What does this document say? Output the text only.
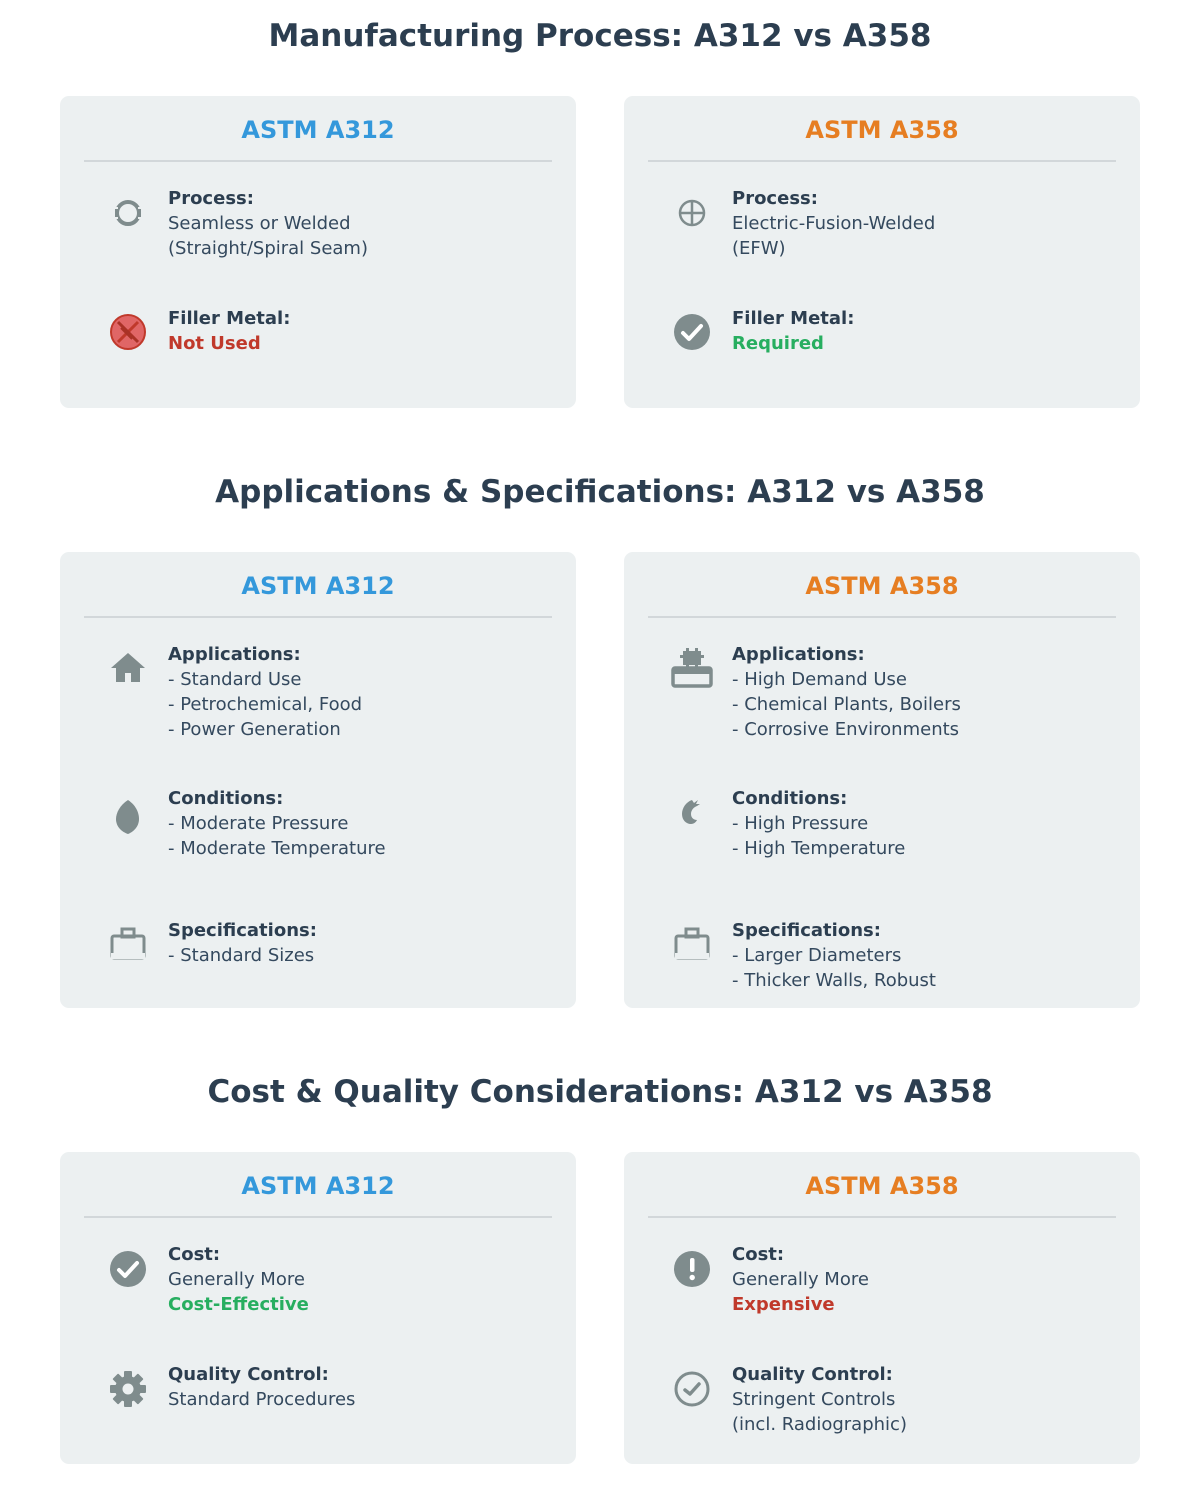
Manufacturing Process: A312 vs A358
ASTM A312
Process:
Seamless or Welded
(Straight/Spiral Seam)
Filler Metal:
Not Used
ASTM A358
Process:
Electric-Fusion-Welded
(EFW)
Filler Metal:
Required
Applications & Specifications: A312 vs A358
ASTM A312
Applications:
- Standard Use
- Petrochemical, Food
- Power Generation
Conditions:
- Moderate Pressure
- Moderate Temperature
Specifications:
- Standard Sizes
ASTM A358
Applications:
- High Demand Use
- Chemical Plants, Boilers
- Corrosive Environments
Conditions:
- High Pressure
- High Temperature
Specifications:
- Larger Diameters
- Thicker Walls, Robust
Cost & Quality Considerations: A312 vs A358
ASTM A312
Cost:
Generally More
Cost-Effective
Quality Control:
Standard Procedures
ASTM A358
Cost:
Generally More
Expensive
Quality Control:
Stringent Controls
(incl. Radiographic)
